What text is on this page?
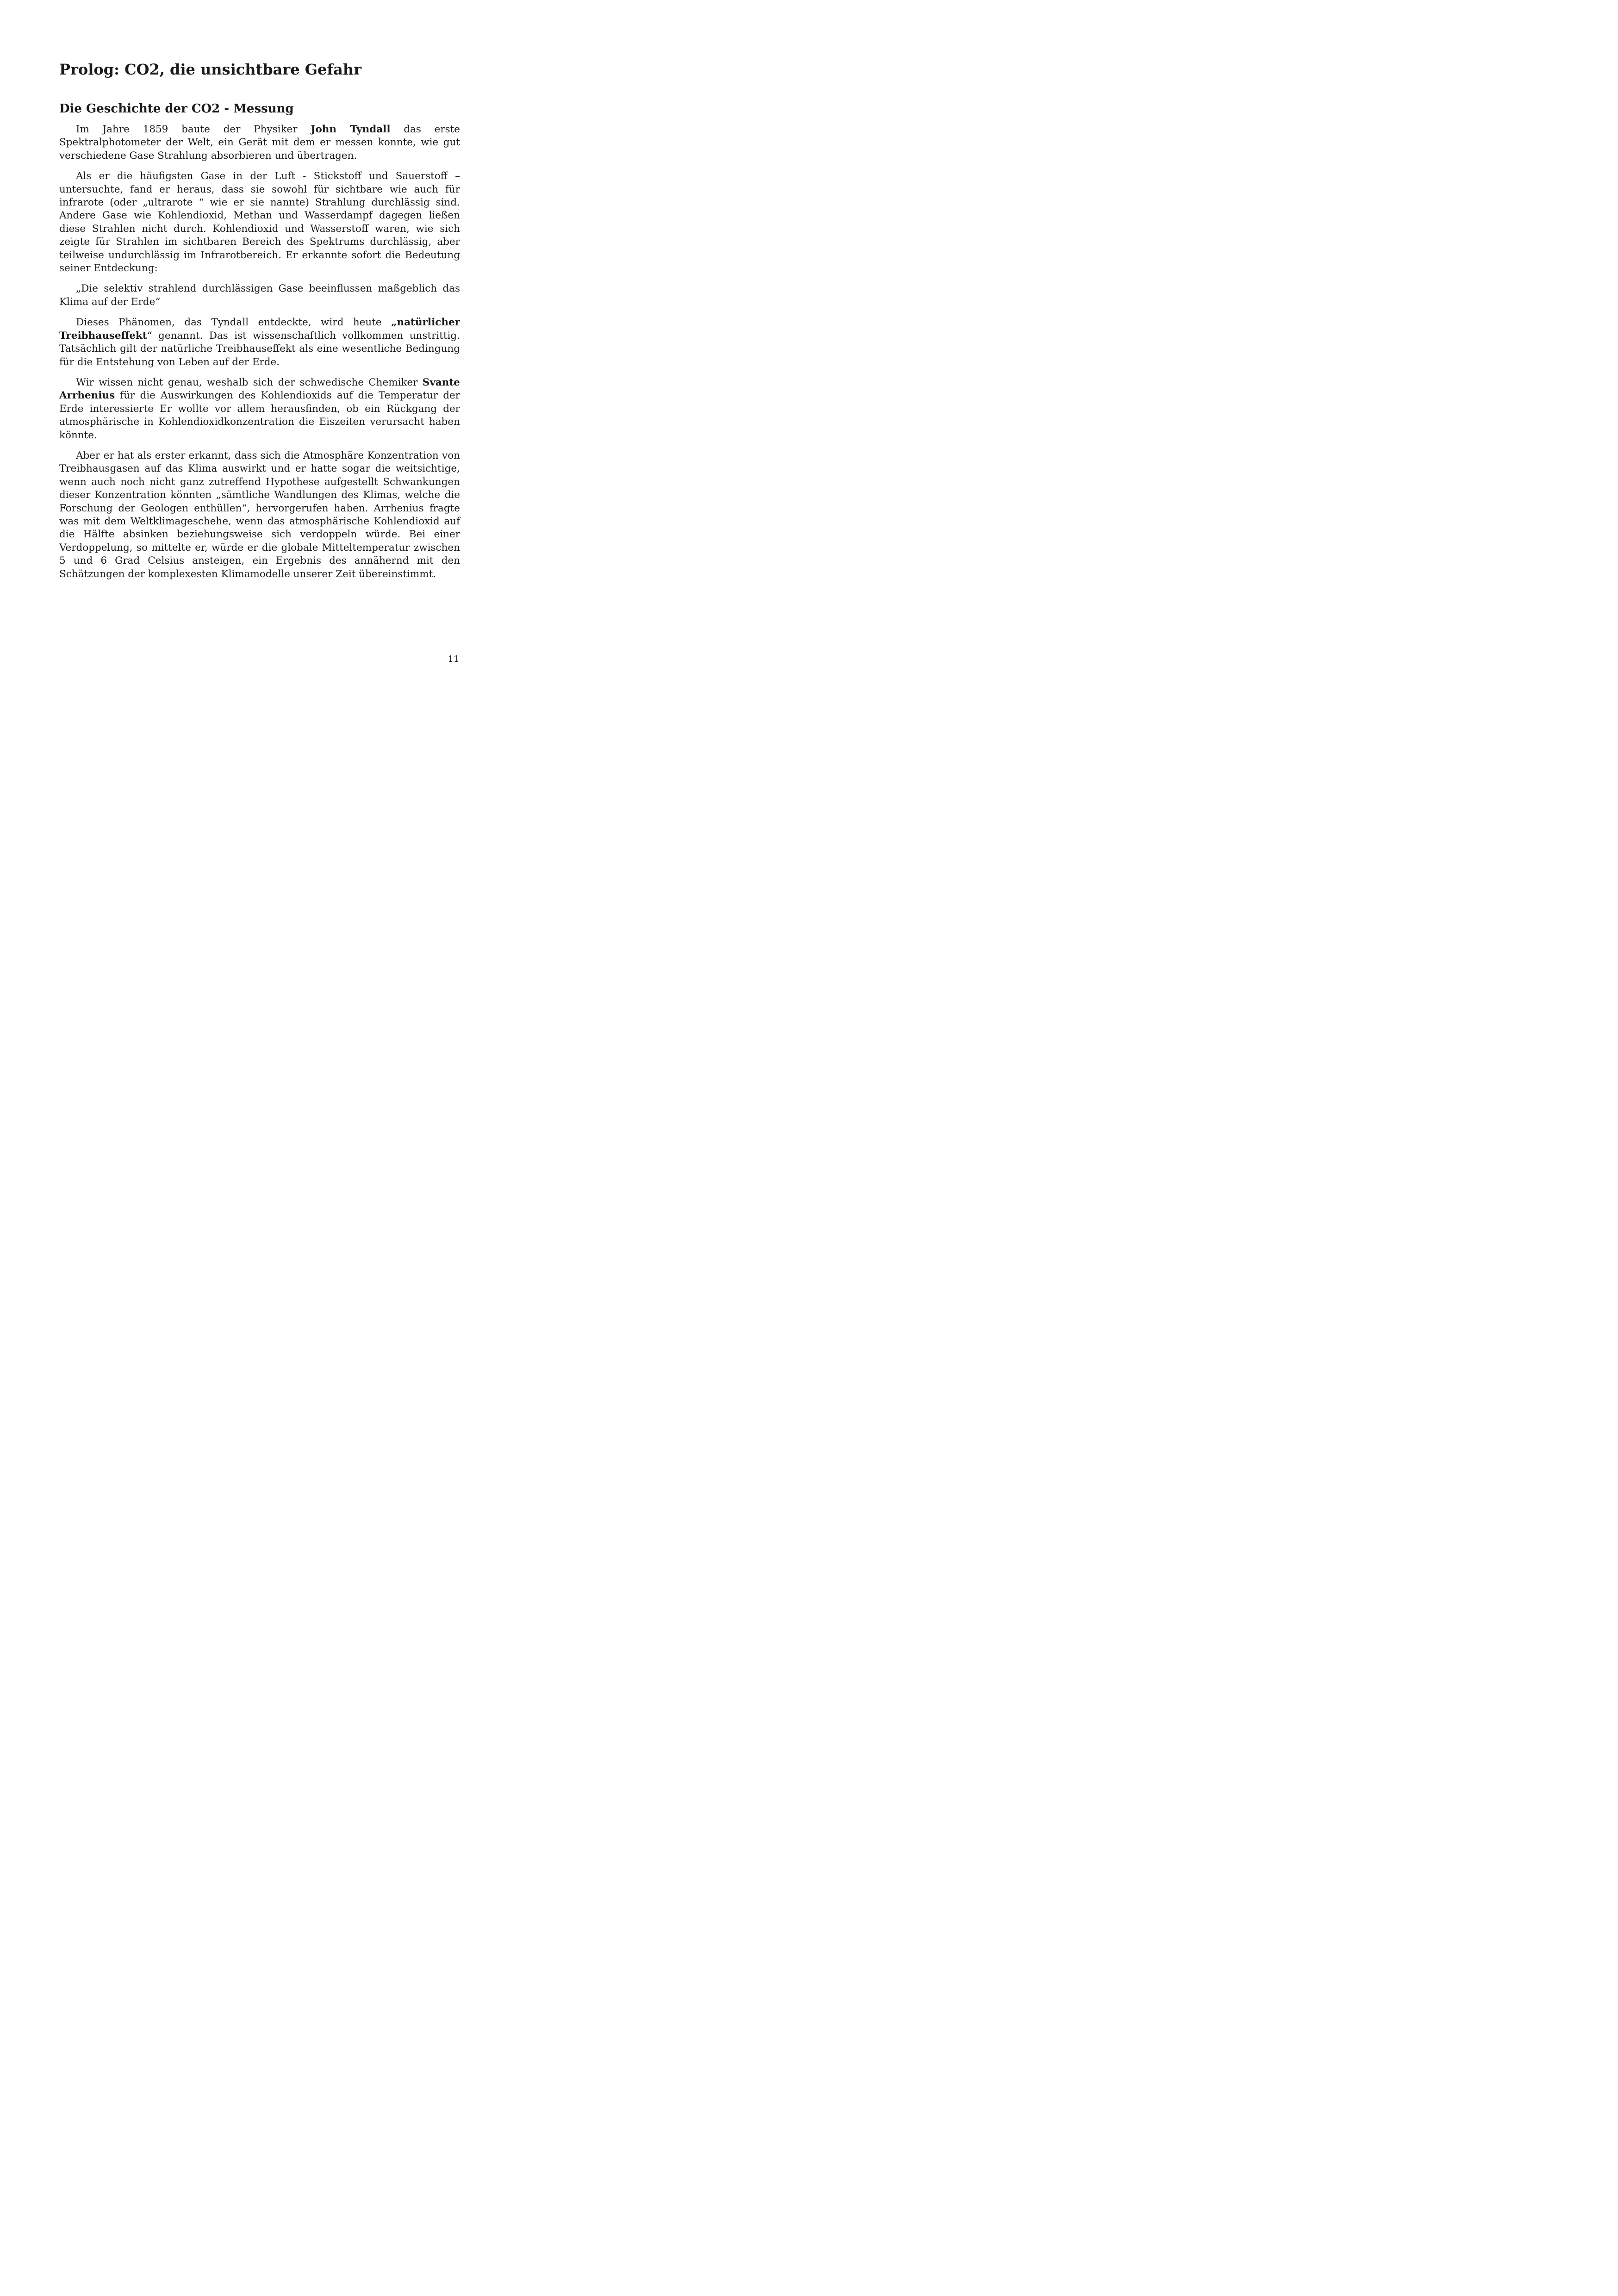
Prolog: CO2, die unsichtbare Gefahr
Die Geschichte der CO2 - Messung

Im Jahre 1859 baute der Physiker John Tyndall das erste Spektralphotometer der Welt, ein Gerät mit dem er messen konnte, wie gut verschiedene Gase Strahlung absorbieren und übertragen.

Als er die häufigsten Gase in der Luft - Stickstoff und Sauerstoff –untersuchte, fand er heraus, dass sie sowohl für sichtbare wie auch für infrarote (oder „ultrarote “ wie er sie nannte) Strahlung durchlässig sind. Andere Gase wie Kohlendioxid, Methan und Wasserdampf dagegen ließen diese Strahlen nicht durch. Kohlendioxid und Wasserstoff waren, wie sich zeigte für Strahlen im sichtbaren Bereich des Spektrums durchlässig, aber teilweise undurchlässig im Infrarotbereich. Er erkannte sofort die Bedeutung seiner Entdeckung:

„Die selektiv strahlend durchlässigen Gase beeinflussen maßgeblich das Klima auf der Erde“

Dieses Phänomen, das Tyndall entdeckte, wird heute „natürlicher Treibhauseffekt“ genannt. Das ist wissenschaftlich vollkommen unstrittig. Tatsächlich gilt der natürliche Treibhauseffekt als eine wesentliche Bedingung für die Entstehung von Leben auf der Erde.

Wir wissen nicht genau, weshalb sich der schwedische Chemiker Svante Arrhenius für die Auswirkungen des Kohlendioxids auf die Temperatur der Erde interessierte Er wollte vor allem herausfinden, ob ein Rückgang der atmosphärische in Kohlendioxidkonzentration die Eiszeiten verursacht haben könnte.

Aber er hat als erster erkannt, dass sich die Atmosphäre Konzentration von Treibhausgasen auf das Klima auswirkt und er hatte sogar die weitsichtige, wenn auch noch nicht ganz zutreffend Hypothese aufgestellt Schwankungen dieser Konzentration könnten „sämtliche Wandlungen des Klimas, welche die Forschung der Geologen enthüllen“, hervorgerufen haben. Arrhenius fragte was mit dem Weltklimageschehe, wenn das atmosphärische Kohlendioxid auf die Hälfte absinken beziehungsweise sich verdoppeln würde. Bei einer Verdoppelung, so mittelte er, würde er die globale Mitteltemperatur zwischen 5 und 6 Grad Celsius ansteigen, ein Ergebnis des annähernd mit den Schätzungen der komplexesten Klimamodelle unserer Zeit übereinstimmt.

11
